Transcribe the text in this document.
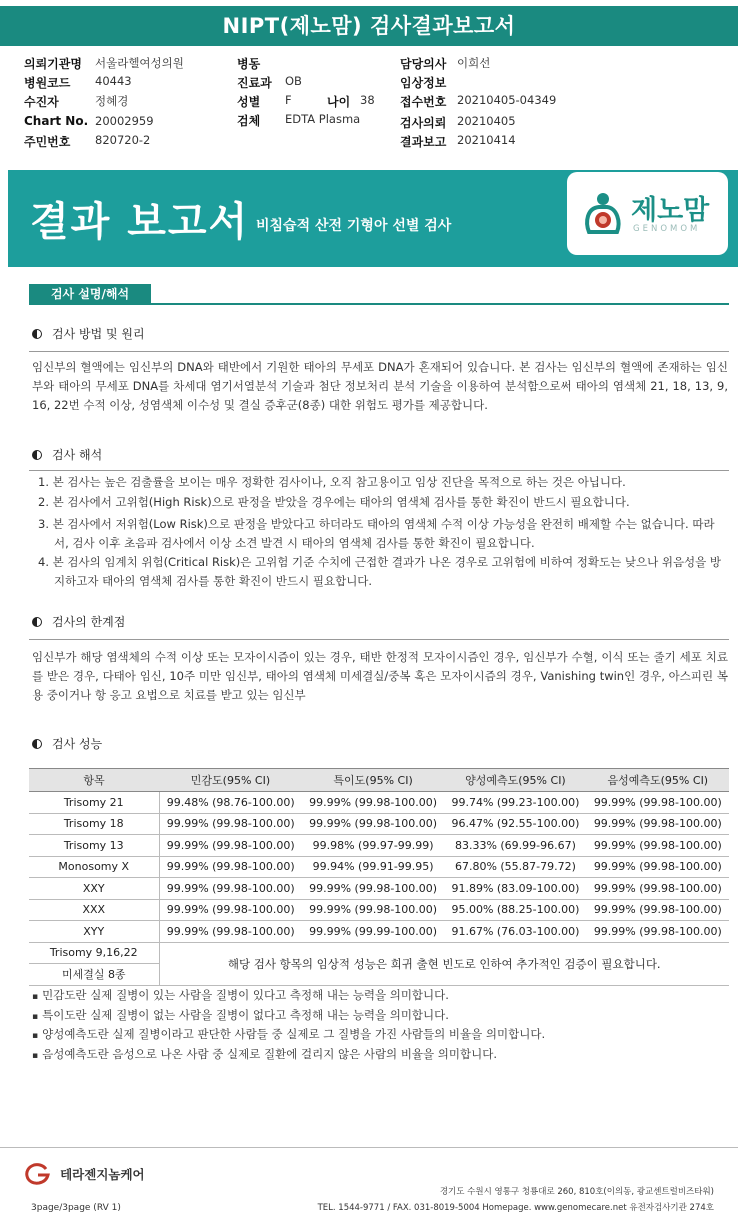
NIPT(제노맘) 검사결과보고서
의뢰기관명 서울라헬여성의원
병원코드 40443
수진자	정혜경
Chart No. 20002959
주민번호 820720-2
병동
진료과 OB
성별 F	나이 38
검체 EDTA Plasma
담당의사 이희선
임상정보
접수번호 20210405-04349
검사의뢰 20210405
결과보고 20210414
결과 보고서 비침습적 산전 기형아 선별 검사	제노맘
GENOMOM
검사 설명/해석
검사 방법 및 원리
임신부의 혈액에는 임신부의 DNA와 태반에서 기원한 태아의 무세포 DNA가 혼재되어 있습니다. 본 검사는 임신부의 혈액에 존재하는 임신부와 태아의 무세포 DNA를 차세대 염기서열분석 기술과 첨단 정보처리 분석 기술을 이용하여 분석함으로써 태아의 염색체 21, 18, 13, 9, 16, 22번 수적 이상, 성염색체 이수성 및 결실 증후군(8종) 대한 위험도 평가를 제공합니다.
검사 해석
1. 본 검사는 높은 검출률을 보이는 매우 정확한 검사이나, 오직 참고용이고 임상 진단을 목적으로 하는 것은 아닙니다.
2. 본 검사에서 고위험(High Risk)으로 판정을 받았을 경우에는 태아의 염색체 검사를 통한 확진이 반드시 필요합니다.
3. 본 검사에서 저위험(Low Risk)으로 판정을 받았다고 하더라도 태아의 염색체 수적 이상 가능성을 완전히 배제할 수는 없습니다. 따라서, 검사 이후 초음파 검사에서 이상 소견 발견 시 태아의 염색체 검사를 통한 확진이 필요합니다.
4. 본 검사의 임계치 위험(Critical Risk)은 고위험 기준 수치에 근접한 결과가 나온 경우로 고위험에 비하여 정확도는 낮으나 위음성을 방지하고자 태아의 염색체 검사를 통한 확진이 반드시 필요합니다.
검사의 한계점
임신부가 해당 염색체의 수적 이상 또는 모자이시즘이 있는 경우, 태반 한정적 모자이시즘인 경우, 임신부가 수혈, 이식 또는 줄기 세포 치료를 받은 경우, 다태아 임신, 10주 미만 임신부, 태아의 염색체 미세결실/중복 혹은 모자이시즘의 경우, Vanishing twin인 경우, 아스피린 복용 중이거나 항 응고 요법으로 치료를 받고 있는 임신부
검사 성능
항목	민감도(95% CI)	특이도(95% CI)	양성예측도(95% CI)	음성예측도(95% CI)
Trisomy 21	99.48% (98.76-100.00)	99.99% (99.98-100.00)	99.74% (99.23-100.00)	99.99% (99.98-100.00)
Trisomy 18	99.99% (99.98-100.00)	99.99% (99.98-100.00)	96.47% (92.55-100.00)	99.99% (99.98-100.00)
Trisomy 13	99.99% (99.98-100.00)	99.98% (99.97-99.99)	83.33% (69.99-96.67)	99.99% (99.98-100.00)
Monosomy X	99.99% (99.98-100.00)	99.94% (99.91-99.95)	67.80% (55.87-79.72)	99.99% (99.98-100.00)
XXY	99.99% (99.98-100.00)	99.99% (99.98-100.00)	91.89% (83.09-100.00)	99.99% (99.98-100.00)
XXX	99.99% (99.98-100.00)	99.99% (99.98-100.00)	95.00% (88.25-100.00)	99.99% (99.98-100.00)
XYY	99.99% (99.98-100.00)	99.99% (99.99-100.00)	91.67% (76.03-100.00)	99.99% (99.98-100.00)
Trisomy 9,16,22	해당 검사 항목의 임상적 성능은 희귀 출현 빈도로 인하여 추가적인 검증이 필요합니다.			
미세결실 8종				
▪ 민감도란 실제 질병이 있는 사람을 질병이 있다고 측정해 내는 능력을 의미합니다.
▪ 특이도란 실제 질병이 없는 사람을 질병이 없다고 측정해 내는 능력을 의미합니다.
▪ 양성예측도란 실제 질병이라고 판단한 사람들 중 실제로 그 질병을 가진 사람들의 비율을 의미합니다.
▪ 음성예측도란 음성으로 나온 사람 중 실제로 질환에 걸리지 않은 사람의 비율을 의미합니다.
테라젠지놈케어
경기도 수원시 영통구 청룡대로 260, 810호(이의동, 광교센트럴비즈타워)
TEL. 1544-9771 / FAX. 031-8019-5004 Homepage. www.genomecare.net 유전자검사기관 274호
3page/3page (RV 1)
